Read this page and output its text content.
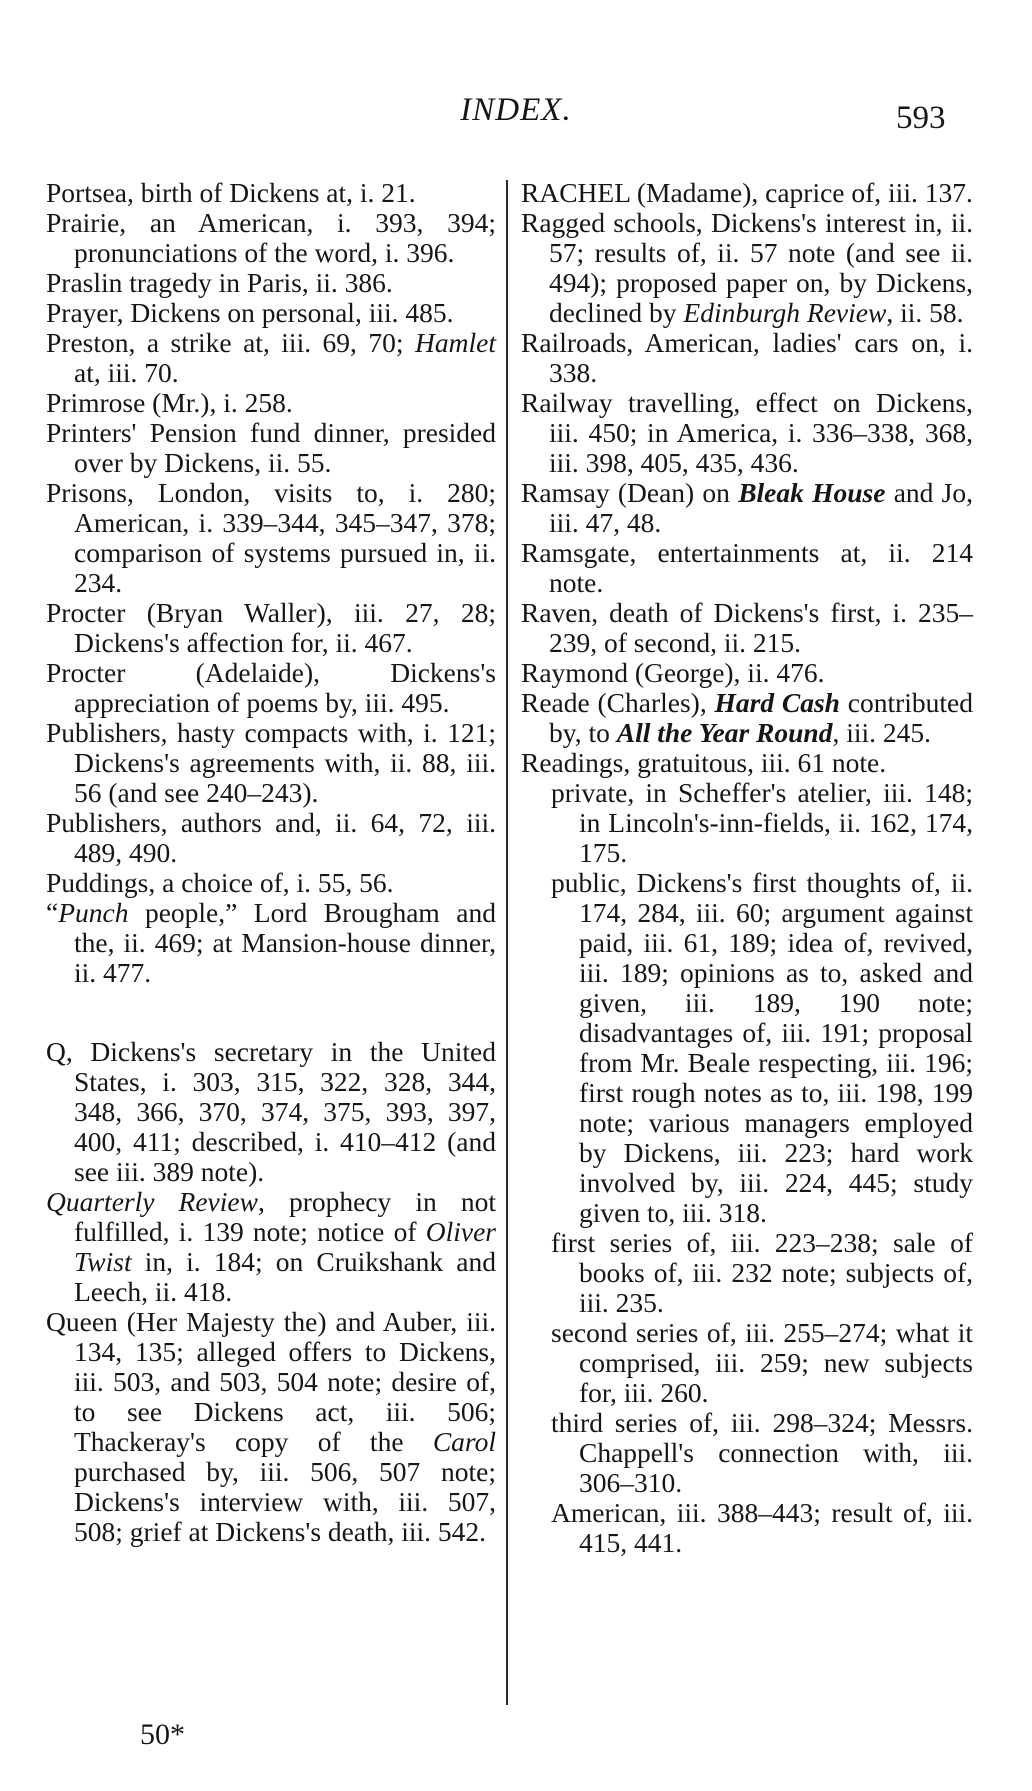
INDEX.	593

Portsea, birth of Dickens at, i. 21.

Prairie, an American, i. 393, 394; pronunciations of the word, i. 396.

Praslin tragedy in Paris, ii. 386.

Prayer, Dickens on personal, iii. 485.

Preston, a strike at, iii. 69, 70; Hamlet at, iii. 70.

Primrose (Mr.), i. 258.

Printers' Pension fund dinner, presided over by Dickens, ii. 55.

Prisons, London, visits to, i. 280; American, i. 339–344, 345–347, 378; comparison of systems pursued in, ii. 234.

Procter (Bryan Waller), iii. 27, 28; Dickens's affection for, ii. 467.

Procter (Adelaide), Dickens's appreciation of poems by, iii. 495.

Publishers, hasty compacts with, i. 121; Dickens's agreements with, ii. 88, iii. 56 (and see 240–243).

Publishers, authors and, ii. 64, 72, iii. 489, 490.

Puddings, a choice of, i. 55, 56.

“Punch people,” Lord Brougham and the, ii. 469; at Mansion-house dinner, ii. 477.

Q, Dickens's secretary in the United States, i. 303, 315, 322, 328, 344, 348, 366, 370, 374, 375, 393, 397, 400, 411; described, i. 410–412 (and see iii. 389 note).

Quarterly Review, prophecy in not fulfilled, i. 139 note; notice of Oliver Twist in, i. 184; on Cruikshank and Leech, ii. 418.

Queen (Her Majesty the) and Auber, iii. 134, 135; alleged offers to Dickens, iii. 503, and 503, 504 note; desire of, to see Dickens act, iii. 506; Thackeray's copy of the Carol purchased by, iii. 506, 507 note; Dickens's interview with, iii. 507, 508; grief at Dickens's death, iii. 542.

RACHEL (Madame), caprice of, iii. 137.

Ragged schools, Dickens's interest in, ii. 57; results of, ii. 57 note (and see ii. 494); proposed paper on, by Dickens, declined by Edinburgh Review, ii. 58.

Railroads, American, ladies' cars on, i. 338.

Railway travelling, effect on Dickens, iii. 450; in America, i. 336–338, 368, iii. 398, 405, 435, 436.

Ramsay (Dean) on Bleak House and Jo, iii. 47, 48.

Ramsgate, entertainments at, ii. 214 note.

Raven, death of Dickens's first, i. 235–239, of second, ii. 215.

Raymond (George), ii. 476.

Reade (Charles), Hard Cash contributed by, to All the Year Round, iii. 245.

Readings, gratuitous, iii. 61 note.

private, in Scheffer's atelier, iii. 148; in Lincoln's-inn-fields, ii. 162, 174, 175.

public, Dickens's first thoughts of, ii. 174, 284, iii. 60; argument against paid, iii. 61, 189; idea of, revived, iii. 189; opinions as to, asked and given, iii. 189, 190 note; disadvantages of, iii. 191; proposal from Mr. Beale respecting, iii. 196; first rough notes as to, iii. 198, 199 note; various managers employed by Dickens, iii. 223; hard work involved by, iii. 224, 445; study given to, iii. 318.

first series of, iii. 223–238; sale of books of, iii. 232 note; subjects of, iii. 235.

second series of, iii. 255–274; what it comprised, iii. 259; new subjects for, iii. 260.

third series of, iii. 298–324; Messrs. Chappell's connection with, iii. 306–310.

American, iii. 388–443; result of, iii. 415, 441.

50*
